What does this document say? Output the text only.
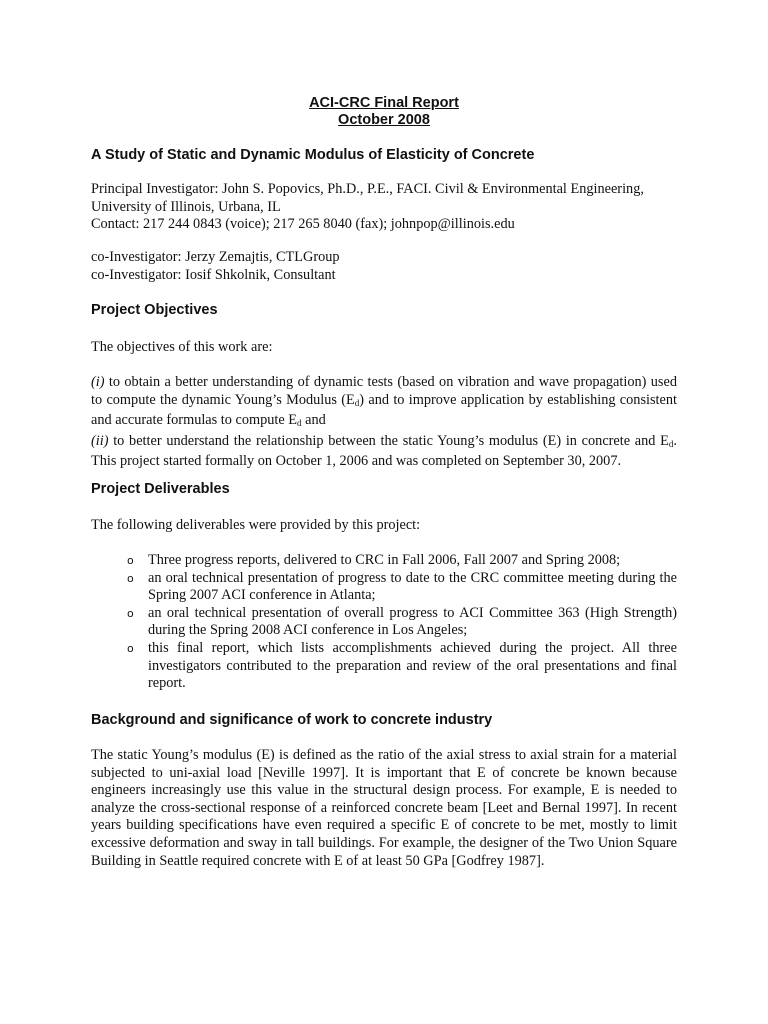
ACI-CRC Final Report
October 2008
A Study of Static and Dynamic Modulus of Elasticity of Concrete
Principal Investigator: John S. Popovics, Ph.D., P.E., FACI. Civil & Environmental Engineering,
University of Illinois, Urbana, IL
Contact: 217 244 0843 (voice); 217 265 8040 (fax); johnpop@illinois.edu
co-Investigator: Jerzy Zemajtis, CTLGroup
co-Investigator: Iosif Shkolnik, Consultant
Project Objectives
The objectives of this work are:
(i) to obtain a better understanding of dynamic tests (based on vibration and wave propagation) used to compute the dynamic Young’s Modulus $(E_d)$ and to improve application by establishing consistent and accurate formulas to compute $E_d$ and
(ii) to better understand the relationship between the static Young’s modulus (E) in concrete and $E_d$. This project started formally on October 1, 2006 and was completed on September 30, 2007.
Project Deliverables
The following deliverables were provided by this project:
o Three progress reports, delivered to CRC in Fall 2006, Fall 2007 and Spring 2008;
o an oral technical presentation of progress to date to the CRC committee meeting during the Spring 2007 ACI conference in Atlanta;
o an oral technical presentation of overall progress to ACI Committee 363 (High Strength) during the Spring 2008 ACI conference in Los Angeles;
o this final report, which lists accomplishments achieved during the project. All three investigators contributed to the preparation and review of the oral presentations and final report.
Background and significance of work to concrete industry
The static Young’s modulus (E) is defined as the ratio of the axial stress to axial strain for a material subjected to uni-axial load [Neville 1997]. It is important that E of concrete be known because engineers increasingly use this value in the structural design process. For example, E is needed to analyze the cross-sectional response of a reinforced concrete beam [Leet and Bernal 1997]. In recent years building specifications have even required a specific E of concrete to be met, mostly to limit excessive deformation and sway in tall buildings. For example, the designer of the Two Union Square Building in Seattle required concrete with E of at least 50 GPa [Godfrey 1987].
